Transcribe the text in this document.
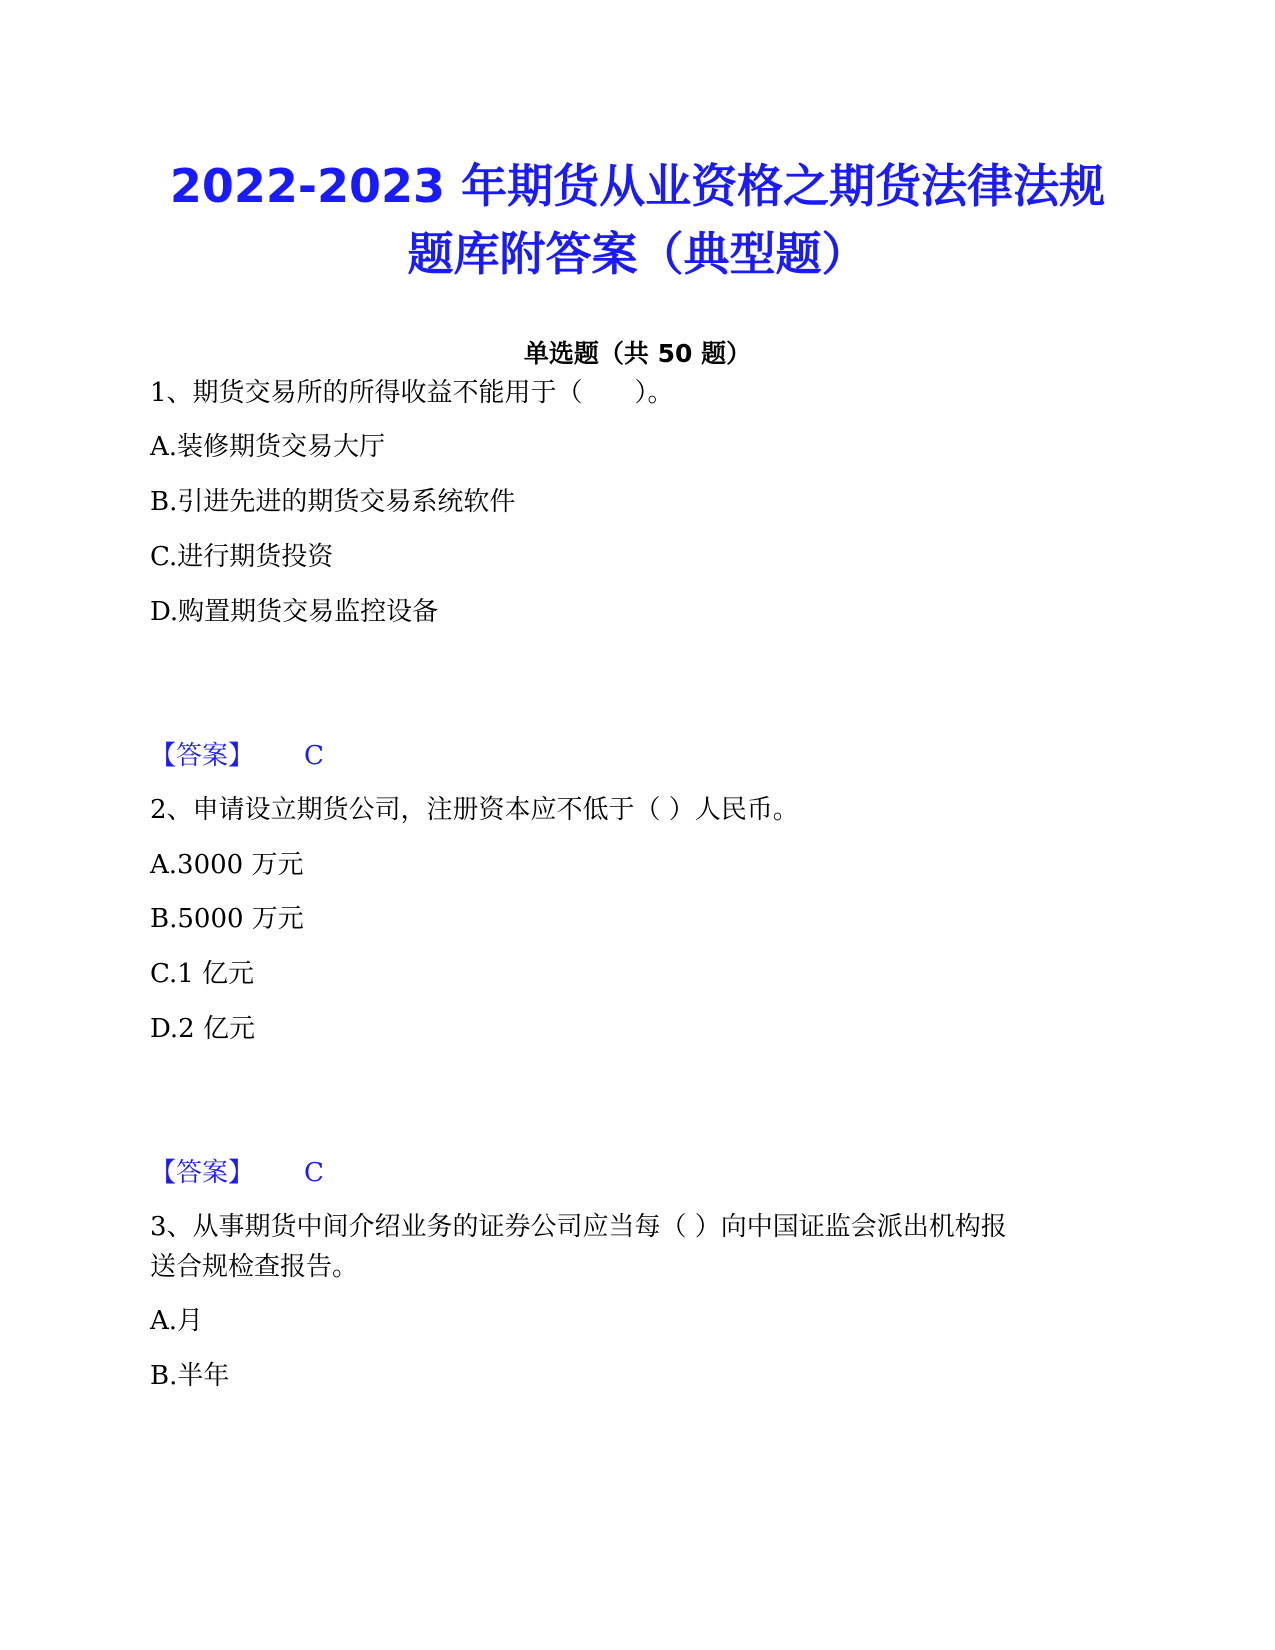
2022-2023 年期货从业资格之期货法律法规
题库附答案（典型题）
单选题（共 50 题）
1、期货交易所的所得收益不能用于（　　）。
A.装修期货交易大厅
B.引进先进的期货交易系统软件
C.进行期货投资
D.购置期货交易监控设备
【答案】 C
2、申请设立期货公司，注册资本应不低于（ ）人民币。
A.3000 万元
B.5000 万元
C.1 亿元
D.2 亿元
【答案】 C
3、从事期货中间介绍业务的证券公司应当每（ ）向中国证监会派出机构报
送合规检查报告。
A.月
B.半年
